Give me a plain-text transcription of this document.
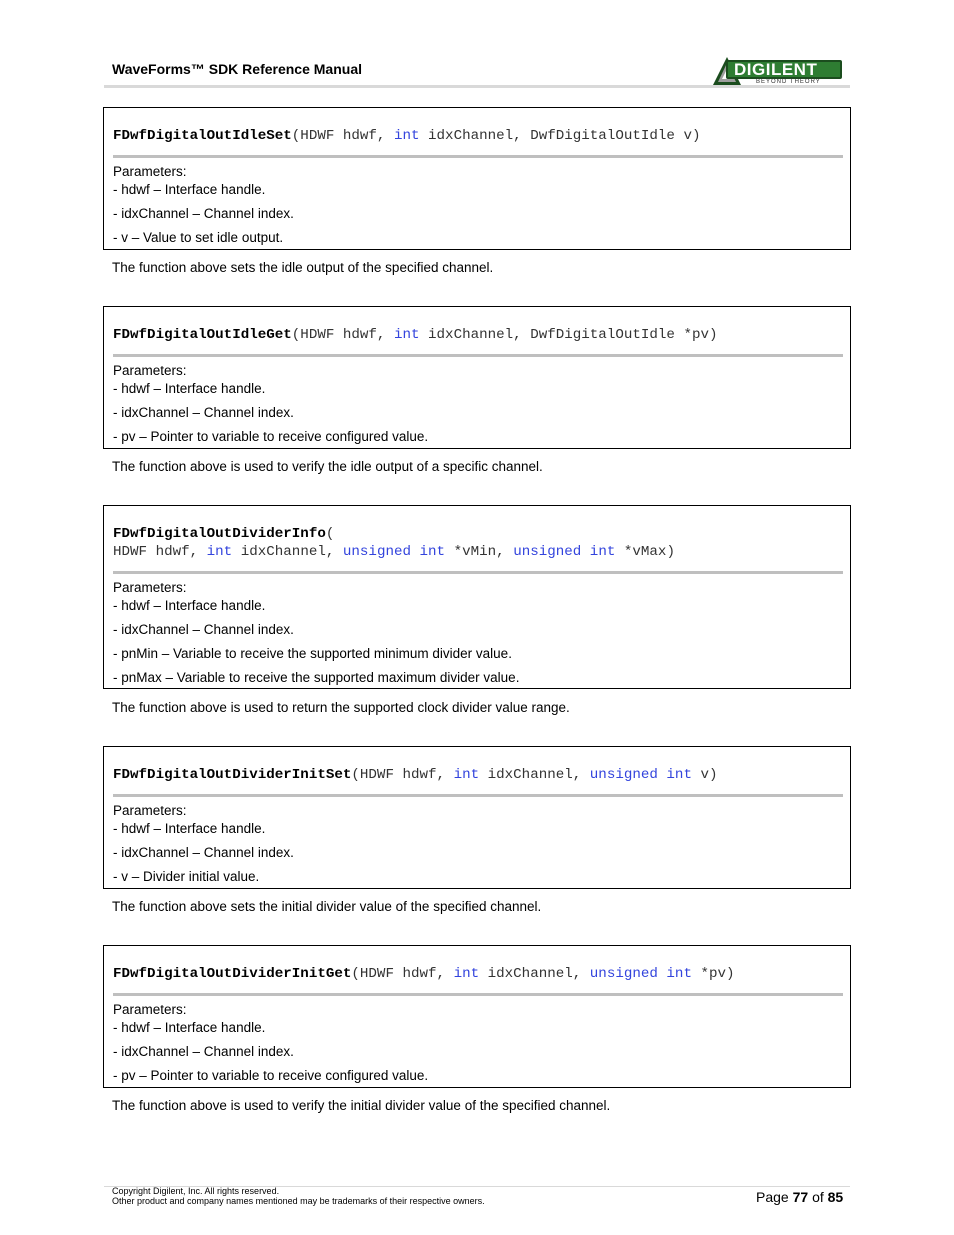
WaveForms™ SDK Reference Manual	DIGILENT
BEYOND THEORY
FDwfDigitalOutIdleSet(HDWF hdwf, int idxChannel, DwfDigitalOutIdle v)
Parameters:
- hdwf – Interface handle.
- idxChannel – Channel index.
- v – Value to set idle output.
The function above sets the idle output of the specified channel.
FDwfDigitalOutIdleGet(HDWF hdwf, int idxChannel, DwfDigitalOutIdle *pv)
Parameters:
- hdwf – Interface handle.
- idxChannel – Channel index.
- pv – Pointer to variable to receive configured value.
The function above is used to verify the idle output of a specific channel.
FDwfDigitalOutDividerInfo(
HDWF hdwf, int idxChannel, unsigned int *vMin, unsigned int *vMax)
Parameters:
- hdwf – Interface handle.
- idxChannel – Channel index.
- pnMin – Variable to receive the supported minimum divider value.
- pnMax – Variable to receive the supported maximum divider value.
The function above is used to return the supported clock divider value range.
FDwfDigitalOutDividerInitSet(HDWF hdwf, int idxChannel, unsigned int v)
Parameters:
- hdwf – Interface handle.
- idxChannel – Channel index.
- v – Divider initial value.
The function above sets the initial divider value of the specified channel.
FDwfDigitalOutDividerInitGet(HDWF hdwf, int idxChannel, unsigned int *pv)
Parameters:
- hdwf – Interface handle.
- idxChannel – Channel index.
- pv – Pointer to variable to receive configured value.
The function above is used to verify the initial divider value of the specified channel.
Copyright Digilent, Inc. All rights reserved.
Other product and company names mentioned may be trademarks of their respective owners.	Page 77 of 85
